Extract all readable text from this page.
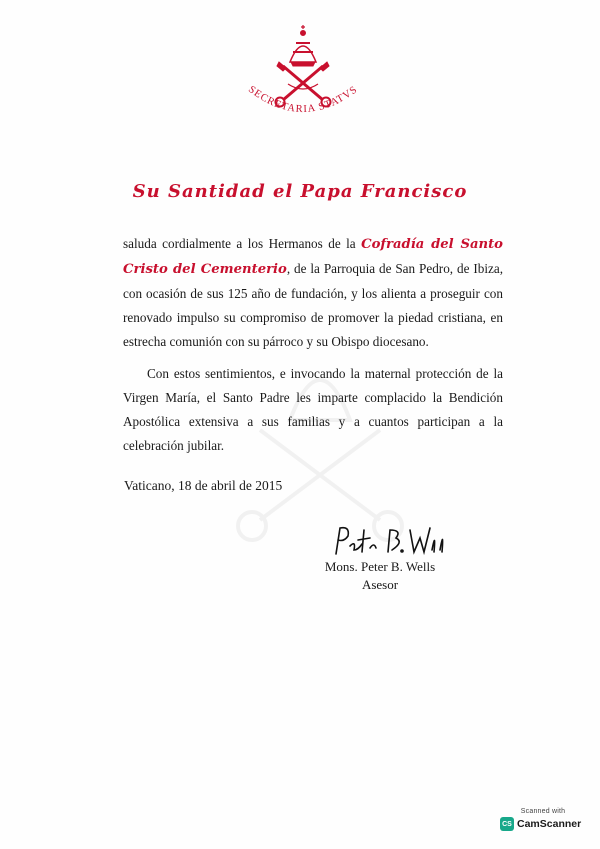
SECRETARIA STATVS
Su Santidad el Papa Francisco
saluda cordialmente a los Hermanos de la Cofradía del Santo Cristo del Cementerio, de la Parroquia de San Pedro, de Ibiza, con ocasión de sus 125 año de fundación, y los alienta a proseguir con renovado impulso su compromiso de promover la piedad cristiana, en estrecha comunión con su párroco y su Obispo diocesano.
Con estos sentimientos, e invocando la maternal protección de la Virgen María, el Santo Padre les imparte complacido la Bendición Apostólica extensiva a sus familias y a cuantos participan a la celebración jubilar.
Vaticano, 18 de abril de 2015
Mons. Peter B. Wells
Asesor
Scanned with
CS CamScanner
